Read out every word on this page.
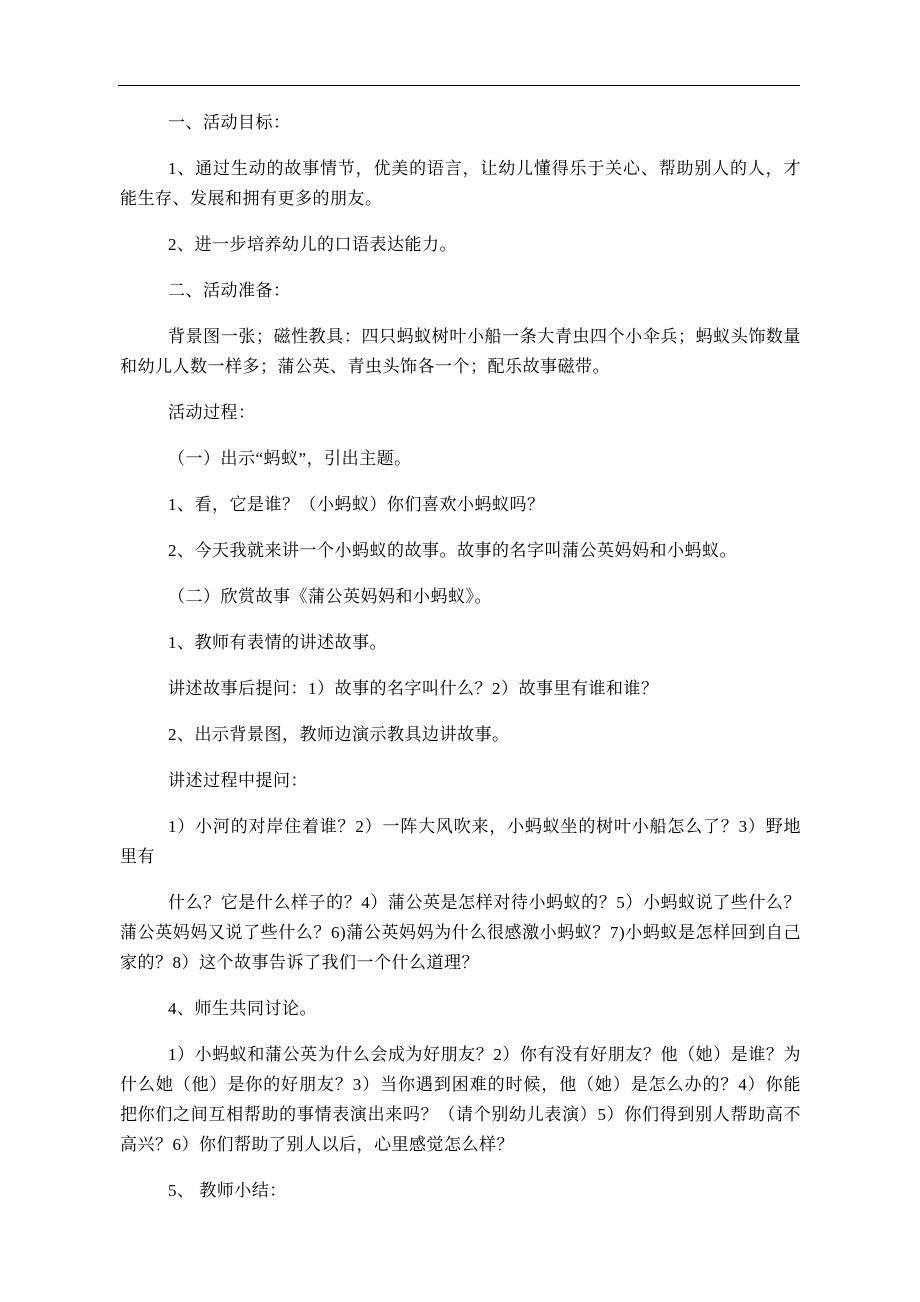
一、活动目标：

1、通过生动的故事情节，优美的语言，让幼儿懂得乐于关心、帮助别人的人，才能生存、发展和拥有更多的朋友。

2、进一步培养幼儿的口语表达能力。

二、活动准备：

背景图一张；磁性教具：四只蚂蚁树叶小船一条大青虫四个小伞兵；蚂蚁头饰数量和幼儿人数一样多；蒲公英、青虫头饰各一个；配乐故事磁带。

活动过程：

（一）出示“蚂蚁”，引出主题。

1、看，它是谁？（小蚂蚁）你们喜欢小蚂蚁吗？

2、今天我就来讲一个小蚂蚁的故事。故事的名字叫蒲公英妈妈和小蚂蚁。

（二）欣赏故事《蒲公英妈妈和小蚂蚁》。

1、教师有表情的讲述故事。

讲述故事后提问：1）故事的名字叫什么？2）故事里有谁和谁？

2、出示背景图，教师边演示教具边讲故事。

讲述过程中提问：

1）小河的对岸住着谁？2）一阵大风吹来，小蚂蚁坐的树叶小船怎么了？3）野地里有

什么？它是什么样子的？4）蒲公英是怎样对待小蚂蚁的？5）小蚂蚁说了些什么？蒲公英妈妈又说了些什么？6)蒲公英妈妈为什么很感激小蚂蚁？7)小蚂蚁是怎样回到自己家的？8）这个故事告诉了我们一个什么道理？

4、师生共同讨论。

1）小蚂蚁和蒲公英为什么会成为好朋友？2）你有没有好朋友？他（她）是谁？为什么她（他）是你的好朋友？3）当你遇到困难的时候，他（她）是怎么办的？4）你能把你们之间互相帮助的事情表演出来吗？（请个别幼儿表演）5）你们得到别人帮助高不高兴？6）你们帮助了别人以后，心里感觉怎么样？

5、 教师小结：
